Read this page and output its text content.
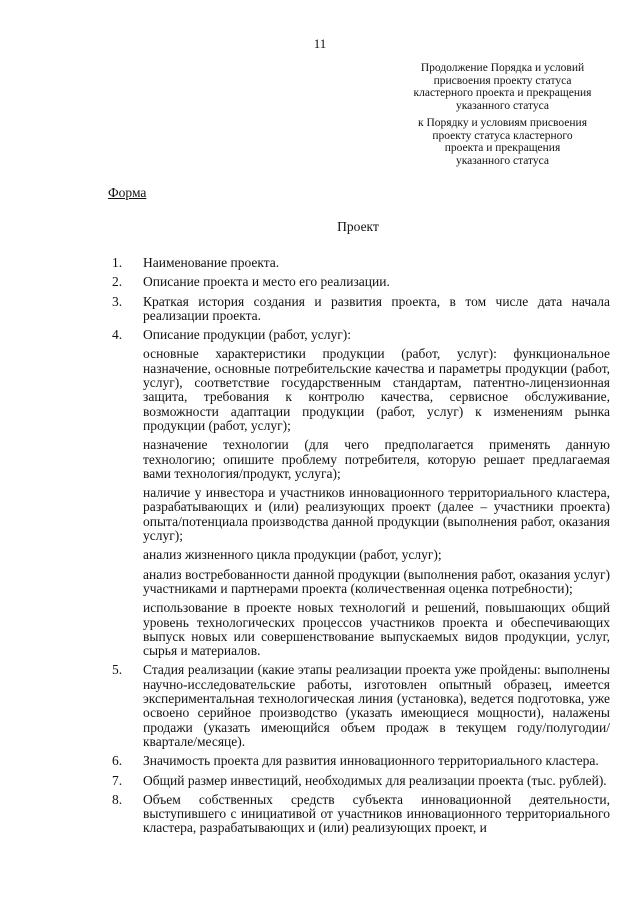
11
Продолжение Порядка и условий
присвоения проекту статуса
кластерного проекта и прекращения
указанного статуса
к Порядку и условиям присвоения
проекту статуса кластерного
проекта и прекращения
указанного статуса
Форма
Проект
1.	Наименование проекта.
2.	Описание проекта и место его реализации.
3.	Краткая история создания и развития проекта, в том числе дата начала реализации проекта.
4.	Описание продукции (работ, услуг):
основные характеристики продукции (работ, услуг): функциональное назначение, основные потребительские качества и параметры продукции (работ, услуг), соответствие государственным стандартам, патентно-лицензионная защита, требования к контролю качества, сервисное обслуживание, возможности адаптации продукции (работ, услуг) к изменениям рынка продукции (работ, услуг);
назначение технологии (для чего предполагается применять данную технологию; опишите проблему потребителя, которую решает предлагаемая вами технология/продукт, услуга);
наличие у инвестора и участников инновационного территориального кластера, разрабатывающих и (или) реализующих проект (далее – участники проекта) опыта/потенциала производства данной продукции (выполнения работ, оказания услуг);
анализ жизненного цикла продукции (работ, услуг);
анализ востребованности данной продукции (выполнения работ, оказания услуг) участниками и партнерами проекта (количественная оценка потребности);
использование в проекте новых технологий и решений, повышающих общий уровень технологических процессов участников проекта и обеспечивающих выпуск новых или совершенствование выпускаемых видов продукции, услуг, сырья и материалов.
5.	Стадия реализации (какие этапы реализации проекта уже пройдены: выполнены научно-исследовательские работы, изготовлен опытный образец, имеется экспериментальная технологическая линия (установка), ведется подготовка, уже освоено серийное производство (указать имеющиеся мощности), налажены продажи (указать имеющийся объем продаж в текущем году/полугодии/квартале/месяце).
6.	Значимость проекта для развития инновационного территориального кластера.
7.	Общий размер инвестиций, необходимых для реализации проекта (тыс. рублей).
8.	Объем собственных средств субъекта инновационной деятельности, выступившего с инициативой от участников инновационного территориального кластера, разрабатывающих и (или) реализующих проект, и
